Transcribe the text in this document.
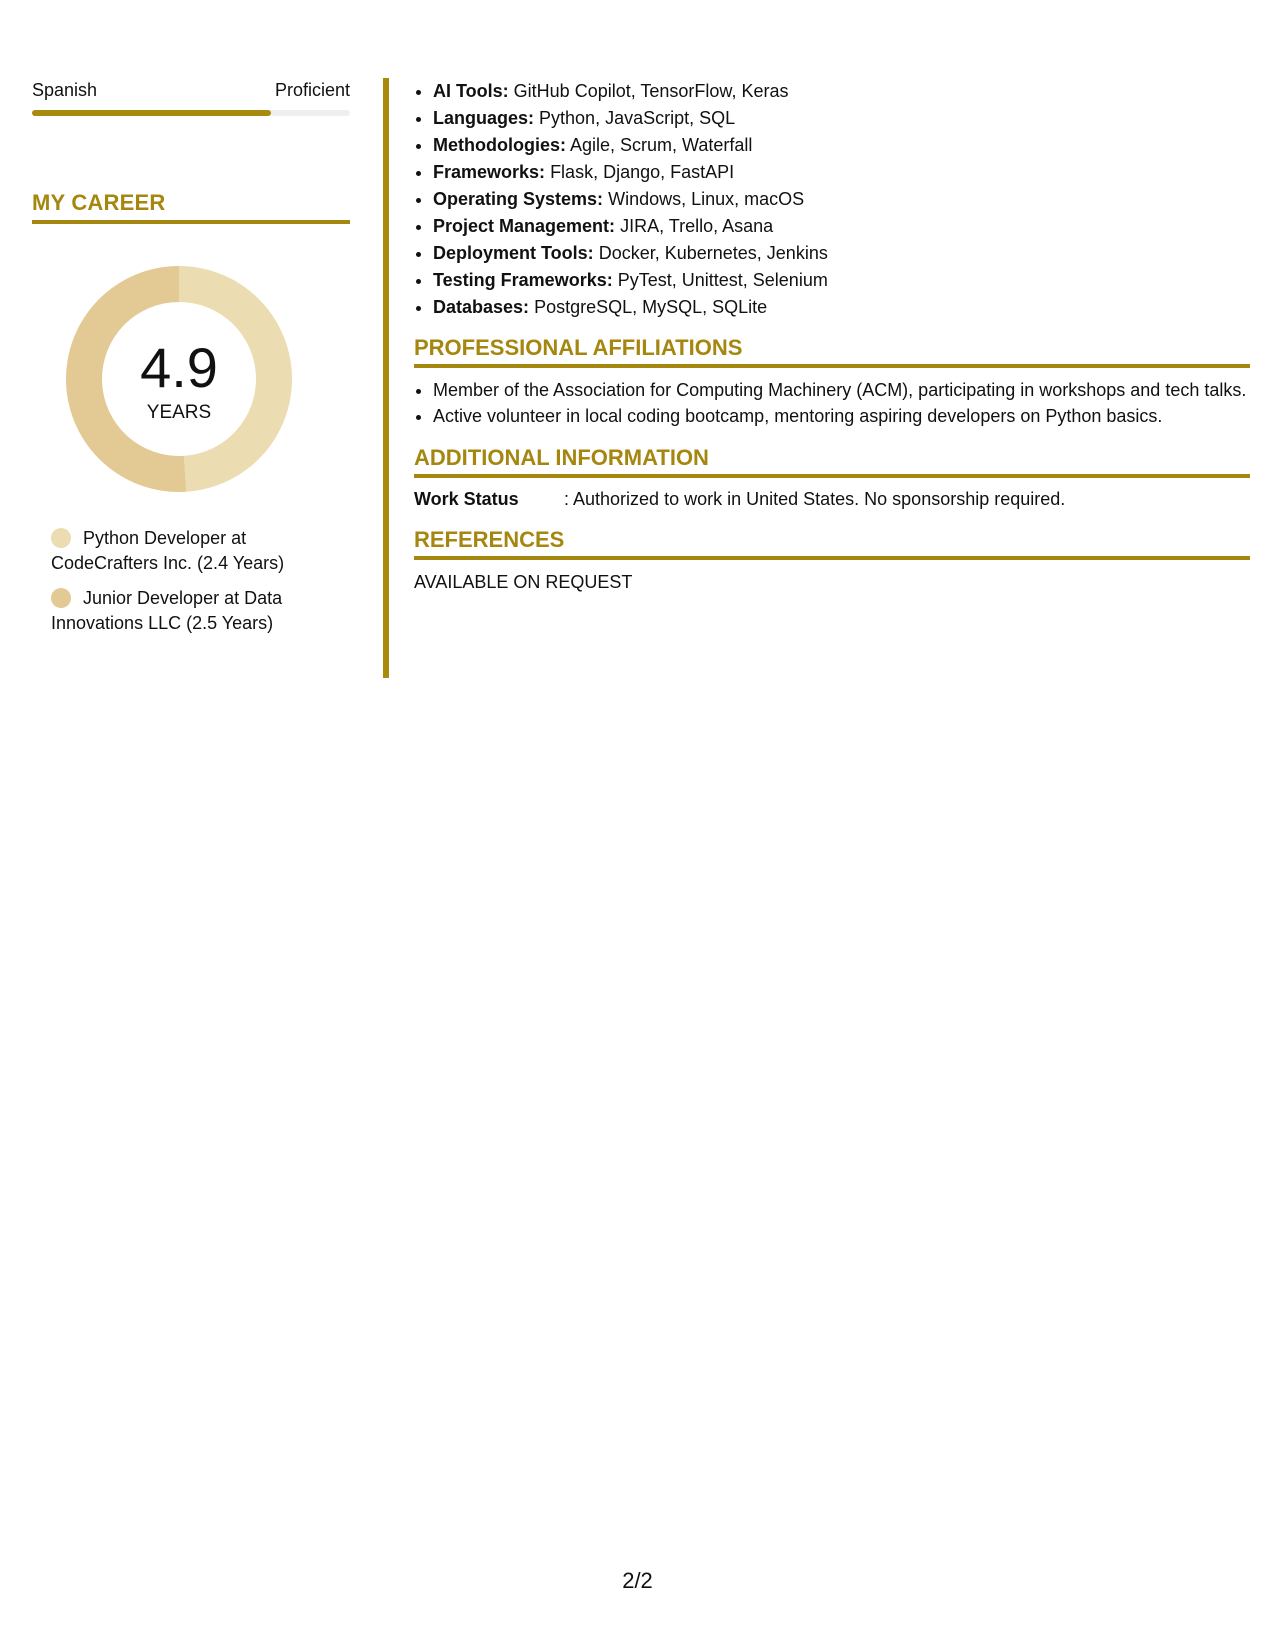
Spanish	Proficient
MY CAREER
4.9
YEARS
Python Developer at CodeCrafters Inc. (2.4 Years)
Junior Developer at Data Innovations LLC (2.5 Years)
• AI Tools: GitHub Copilot, TensorFlow, Keras
• Languages: Python, JavaScript, SQL
• Methodologies: Agile, Scrum, Waterfall
• Frameworks: Flask, Django, FastAPI
• Operating Systems: Windows, Linux, macOS
• Project Management: JIRA, Trello, Asana
• Deployment Tools: Docker, Kubernetes, Jenkins
• Testing Frameworks: PyTest, Unittest, Selenium
• Databases: PostgreSQL, MySQL, SQLite
PROFESSIONAL AFFILIATIONS
• Member of the Association for Computing Machinery (ACM), participating in workshops and tech talks.
• Active volunteer in local coding bootcamp, mentoring aspiring developers on Python basics.
ADDITIONAL INFORMATION
Work Status	: Authorized to work in United States. No sponsorship required.
REFERENCES
AVAILABLE ON REQUEST
2/2
